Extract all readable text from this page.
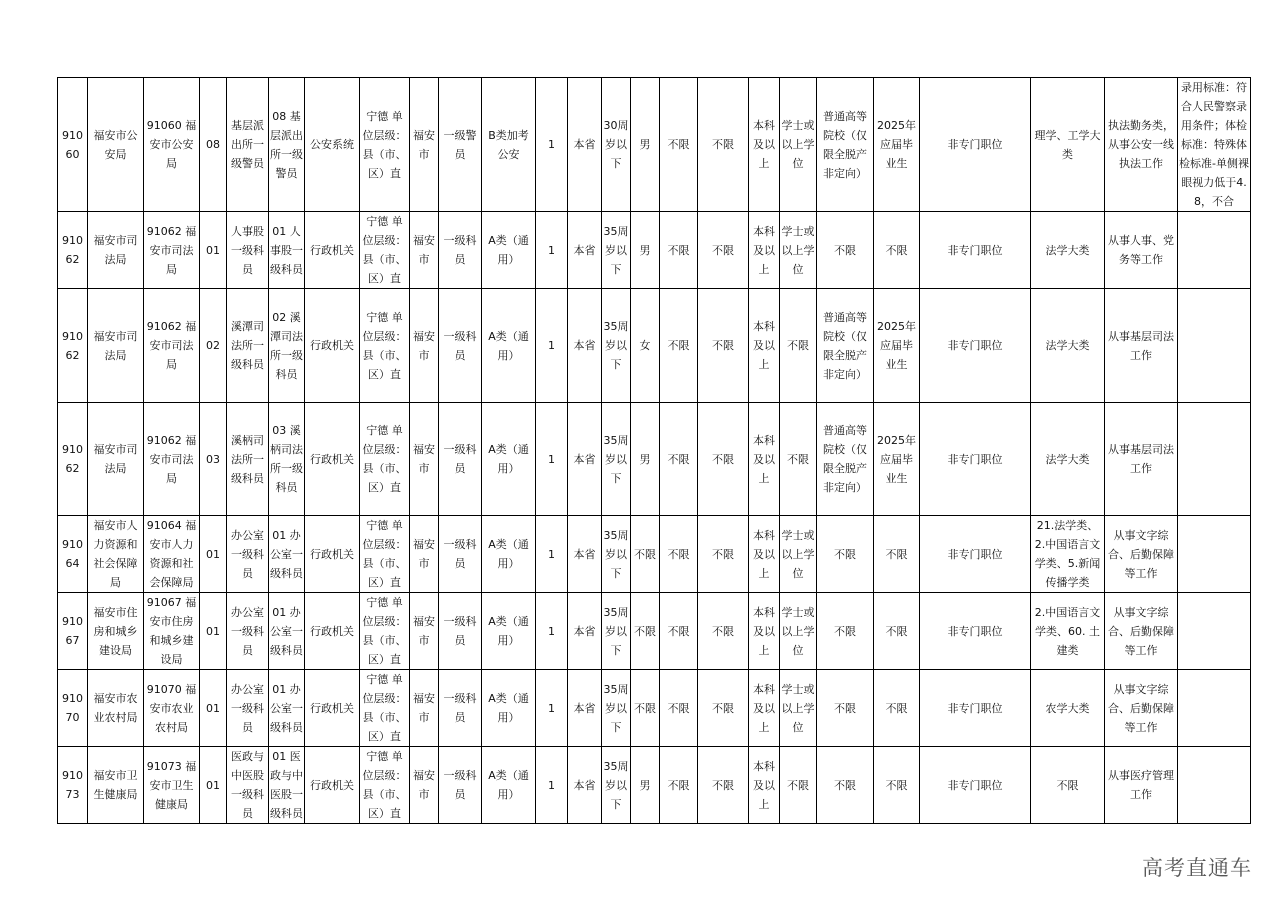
91060	福安市公安局	91060 福安市公安局	08	基层派出所一级警员	08 基层派出所一级警员	公安系统	宁德 单位层级：县（市、区）直	福安市	一级警员	B类加考公安	1	本省	30周岁以下	男	不限	不限	本科及以上	学士或以上学位	普通高等院校（仅限全脱产非定向）	2025年应届毕业生	非专门职位	理学、工学大类	执法勤务类，从事公安一线执法工作	录用标准：符合人民警察录用条件；体检标准：特殊体检标准-单侧裸眼视力低于4.8，不合
91062	福安市司法局	91062 福安市司法局	01	人事股一级科员	01 人事股一级科员	行政机关	宁德 单位层级：县（市、区）直	福安市	一级科员	A类（通用）	1	本省	35周岁以下	男	不限	不限	本科及以上	学士或以上学位	不限	不限	非专门职位	法学大类	从事人事、党务等工作	
91062	福安市司法局	91062 福安市司法局	02	溪潭司法所一级科员	02 溪潭司法所一级科员	行政机关	宁德 单位层级：县（市、区）直	福安市	一级科员	A类（通用）	1	本省	35周岁以下	女	不限	不限	本科及以上	不限	普通高等院校（仅限全脱产非定向）	2025年应届毕业生	非专门职位	法学大类	从事基层司法工作	
91062	福安市司法局	91062 福安市司法局	03	溪柄司法所一级科员	03 溪柄司法所一级科员	行政机关	宁德 单位层级：县（市、区）直	福安市	一级科员	A类（通用）	1	本省	35周岁以下	男	不限	不限	本科及以上	不限	普通高等院校（仅限全脱产非定向）	2025年应届毕业生	非专门职位	法学大类	从事基层司法工作	
91064	福安市人力资源和社会保障局	91064 福安市人力资源和社会保障局	01	办公室一级科员	01 办公室一级科员	行政机关	宁德 单位层级：县（市、区）直	福安市	一级科员	A类（通用）	1	本省	35周岁以下	不限	不限	不限	本科及以上	学士或以上学位	不限	不限	非专门职位	21.法学类、2.中国语言文学类、5.新闻传播学类	从事文字综合、后勤保障等工作	
91067	福安市住房和城乡建设局	91067 福安市住房和城乡建设局	01	办公室一级科员	01 办公室一级科员	行政机关	宁德 单位层级：县（市、区）直	福安市	一级科员	A类（通用）	1	本省	35周岁以下	不限	不限	不限	本科及以上	学士或以上学位	不限	不限	非专门职位	2.中国语言文学类、60. 土建类	从事文字综合、后勤保障等工作	
91070	福安市农业农村局	91070 福安市农业农村局	01	办公室一级科员	01 办公室一级科员	行政机关	宁德 单位层级：县（市、区）直	福安市	一级科员	A类（通用）	1	本省	35周岁以下	不限	不限	不限	本科及以上	学士或以上学位	不限	不限	非专门职位	农学大类	从事文字综合、后勤保障等工作	
91073	福安市卫生健康局	91073 福安市卫生健康局	01	医政与中医股一级科员	01 医政与中医股一级科员	行政机关	宁德 单位层级：县（市、区）直	福安市	一级科员	A类（通用）	1	本省	35周岁以下	男	不限	不限	本科及以上	不限	不限	不限	非专门职位	不限	从事医疗管理工作	
高考直通车
